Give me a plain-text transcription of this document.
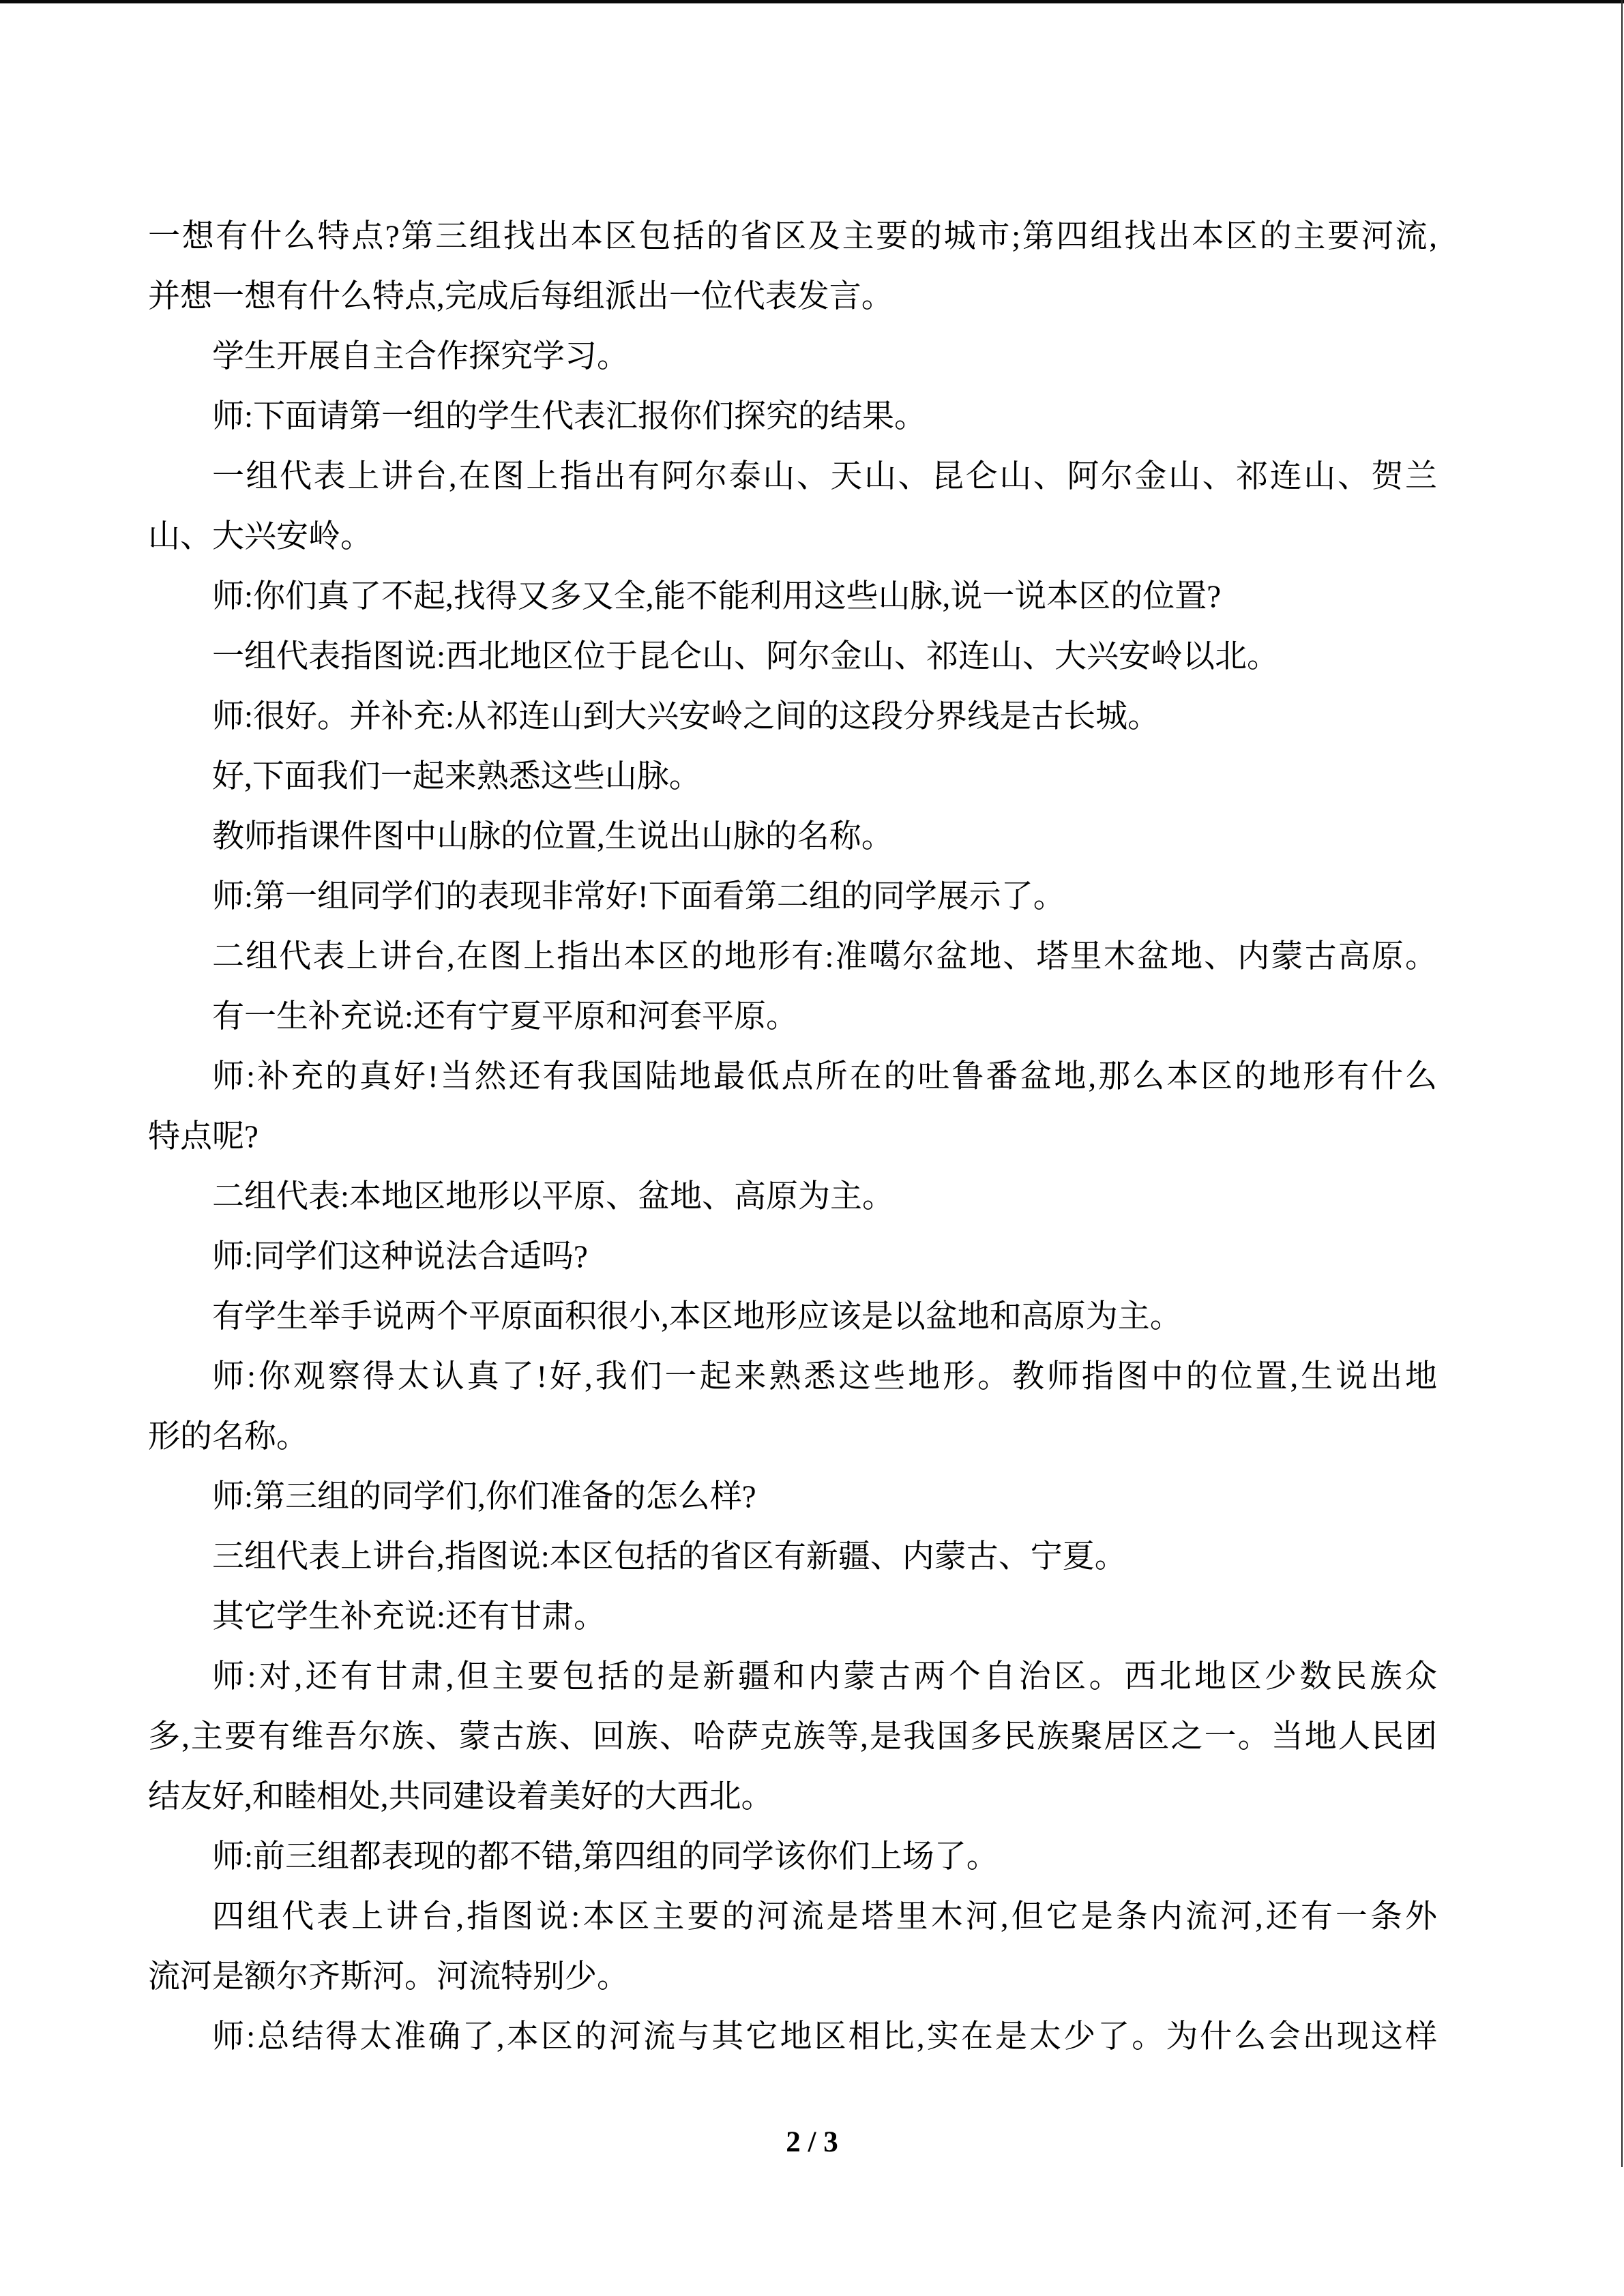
一想有什么特点?第三组找出本区包括的省区及主要的城市;第四组找出本区的主要河流,
并想一想有什么特点,完成后每组派出一位代表发言。
学生开展自主合作探究学习。
师:下面请第一组的学生代表汇报你们探究的结果。
一组代表上讲台,在图上指出有阿尔泰山、天山、昆仑山、阿尔金山、祁连山、贺兰
山、大兴安岭。
师:你们真了不起,找得又多又全,能不能利用这些山脉,说一说本区的位置?
一组代表指图说:西北地区位于昆仑山、阿尔金山、祁连山、大兴安岭以北。
师:很好。并补充:从祁连山到大兴安岭之间的这段分界线是古长城。
好,下面我们一起来熟悉这些山脉。
教师指课件图中山脉的位置,生说出山脉的名称。
师:第一组同学们的表现非常好!下面看第二组的同学展示了。
二组代表上讲台,在图上指出本区的地形有:准噶尔盆地、塔里木盆地、内蒙古高原。
有一生补充说:还有宁夏平原和河套平原。
师:补充的真好!当然还有我国陆地最低点所在的吐鲁番盆地,那么本区的地形有什么
特点呢?
二组代表:本地区地形以平原、盆地、高原为主。
师:同学们这种说法合适吗?
有学生举手说两个平原面积很小,本区地形应该是以盆地和高原为主。
师:你观察得太认真了!好,我们一起来熟悉这些地形。教师指图中的位置,生说出地
形的名称。
师:第三组的同学们,你们准备的怎么样?
三组代表上讲台,指图说:本区包括的省区有新疆、内蒙古、宁夏。
其它学生补充说:还有甘肃。
师:对,还有甘肃,但主要包括的是新疆和内蒙古两个自治区。西北地区少数民族众
多,主要有维吾尔族、蒙古族、回族、哈萨克族等,是我国多民族聚居区之一。当地人民团
结友好,和睦相处,共同建设着美好的大西北。
师:前三组都表现的都不错,第四组的同学该你们上场了。
四组代表上讲台,指图说:本区主要的河流是塔里木河,但它是条内流河,还有一条外
流河是额尔齐斯河。河流特别少。
师:总结得太准确了,本区的河流与其它地区相比,实在是太少了。为什么会出现这样
2 / 3
